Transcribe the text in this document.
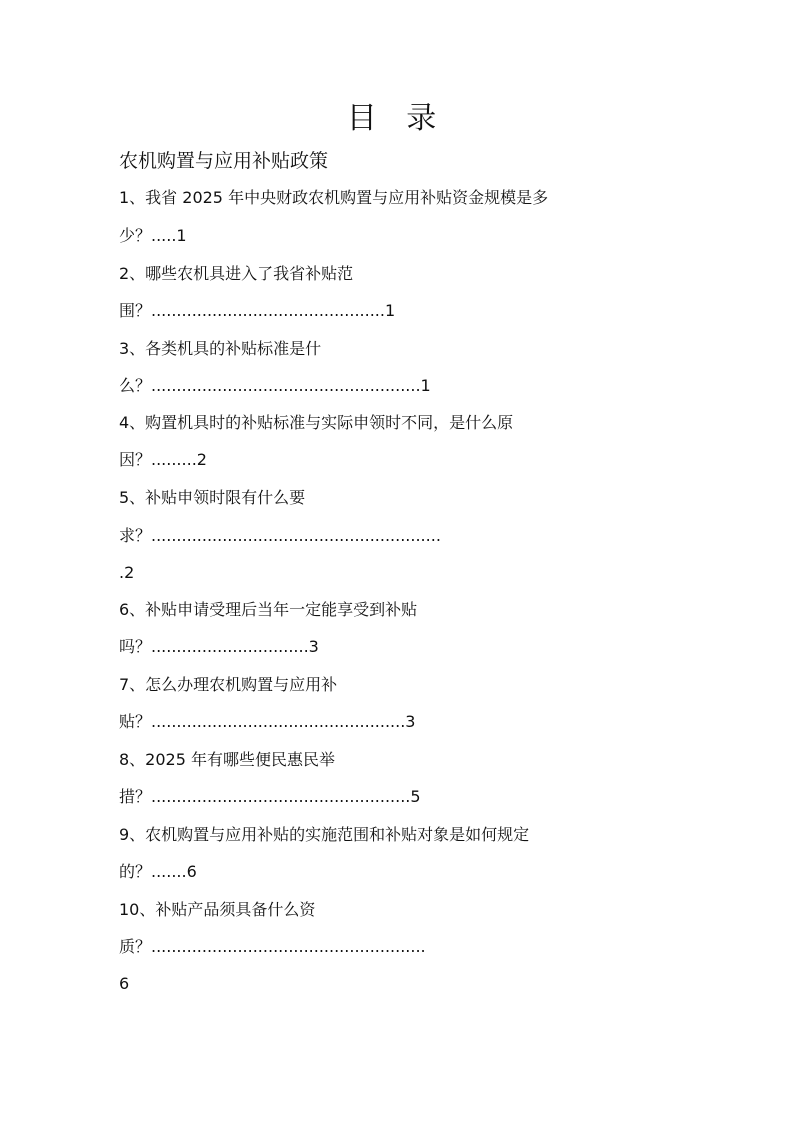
目 录
农机购置与应用补贴政策
1、我省 2025 年中央财政农机购置与应用补贴资金规模是多
少？.....1
2、哪些农机具进入了我省补贴范
围？..............................................1
3、各类机具的补贴标准是什
么？.....................................................1
4、购置机具时的补贴标准与实际申领时不同，是什么原
因？.........2
5、补贴申领时限有什么要
求？.........................................................
.2
6、补贴申请受理后当年一定能享受到补贴
吗？...............................3
7、怎么办理农机购置与应用补
贴？..................................................3
8、2025 年有哪些便民惠民举
措？...................................................5
9、农机购置与应用补贴的实施范围和补贴对象是如何规定
的？.......6
10、补贴产品须具备什么资
质？......................................................
6
